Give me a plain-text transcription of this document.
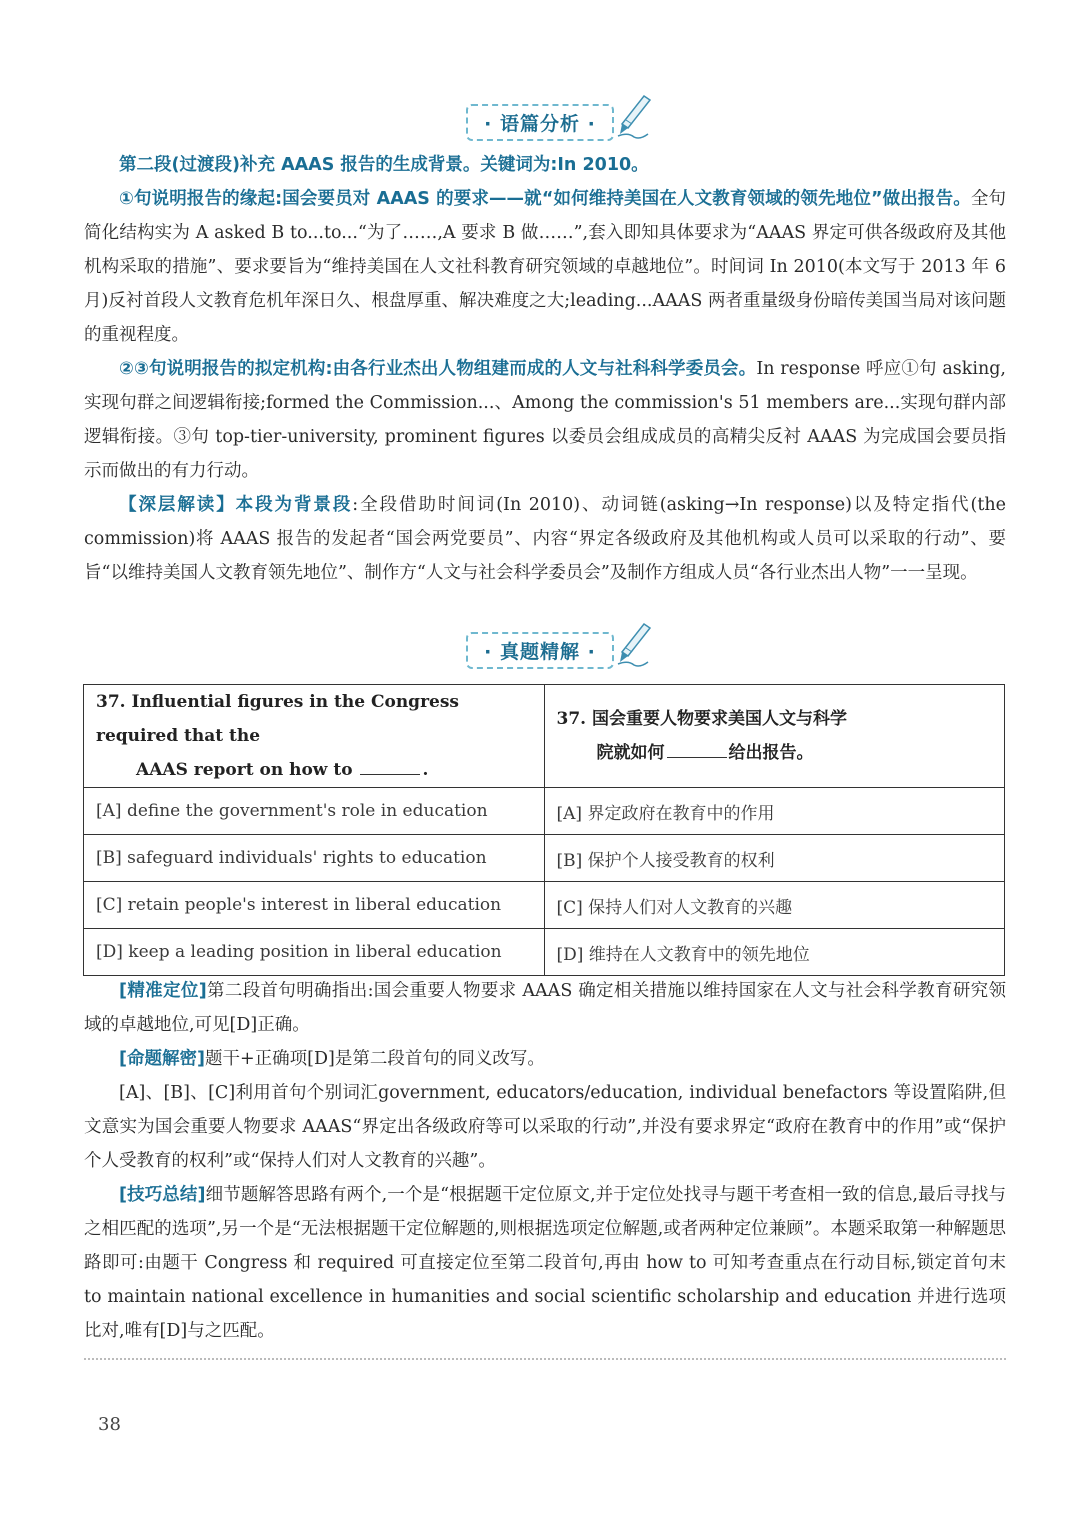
· 语篇分析 ·

第二段(过渡段)补充 AAAS 报告的生成背景。关键词为:In 2010。

①句说明报告的缘起:国会要员对 AAAS 的要求——就“如何维持美国在人文教育领域的领先地位”做出报告。全句简化结构实为 A asked B to...to...“为了……,A 要求 B 做……”,套入即知具体要求为“AAAS 界定可供各级政府及其他机构采取的措施”、要求要旨为“维持美国在人文社科教育研究领域的卓越地位”。时间词 In 2010(本文写于 2013 年 6 月)反衬首段人文教育危机年深日久、根盘厚重、解决难度之大;leading...AAAS 两者重量级身份暗传美国当局对该问题的重视程度。

②③句说明报告的拟定机构:由各行业杰出人物组建而成的人文与社科科学委员会。In response 呼应①句 asking,实现句群之间逻辑衔接;formed the Commission...、Among the commission's 51 members are...实现句群内部逻辑衔接。③句 top-tier-university, prominent figures 以委员会组成成员的高精尖反衬 AAAS 为完成国会要员指示而做出的有力行动。

【深层解读】本段为背景段:全段借助时间词(In 2010)、动词链(asking→In response)以及特定指代(the commission)将 AAAS 报告的发起者“国会两党要员”、内容“界定各级政府及其他机构或人员可以采取的行动”、要旨“以维持美国人文教育领先地位”、制作方“人文与社会科学委员会”及制作方组成人员“各行业杰出人物”一一呈现。

· 真题精解 ·
37. Influential figures in the Congress required that the
AAAS report on how to .	37. 国会重要人物要求美国人文与科学
院就如何 给出报告。

[A] define the government's role in education	[A] 界定政府在教育中的作用
[B] safeguard individuals' rights to education	[B] 保护个人接受教育的权利
[C] retain people's interest in liberal education	[C] 保持人们对人文教育的兴趣
[D] keep a leading position in liberal education	[D] 维持在人文教育中的领先地位

[精准定位]第二段首句明确指出:国会重要人物要求 AAAS 确定相关措施以维持国家在人文与社会科学教育研究领域的卓越地位,可见[D]正确。

[命题解密]题干+正确项[D]是第二段首句的同义改写。

[A]、[B]、[C]利用首句个别词汇government, educators/education, individual benefactors 等设置陷阱,但文意实为国会重要人物要求 AAAS“界定出各级政府等可以采取的行动”,并没有要求界定“政府在教育中的作用”或“保护个人受教育的权利”或“保持人们对人文教育的兴趣”。

[技巧总结]细节题解答思路有两个,一个是“根据题干定位原文,并于定位处找寻与题干考查相一致的信息,最后寻找与之相匹配的选项”,另一个是“无法根据题干定位解题的,则根据选项定位解题,或者两种定位兼顾”。本题采取第一种解题思路即可:由题干 Congress 和 required 可直接定位至第二段首句,再由 how to 可知考查重点在行动目标,锁定首句末 to maintain national excellence in humanities and social scientific scholarship and education 并进行选项比对,唯有[D]与之匹配。

38
